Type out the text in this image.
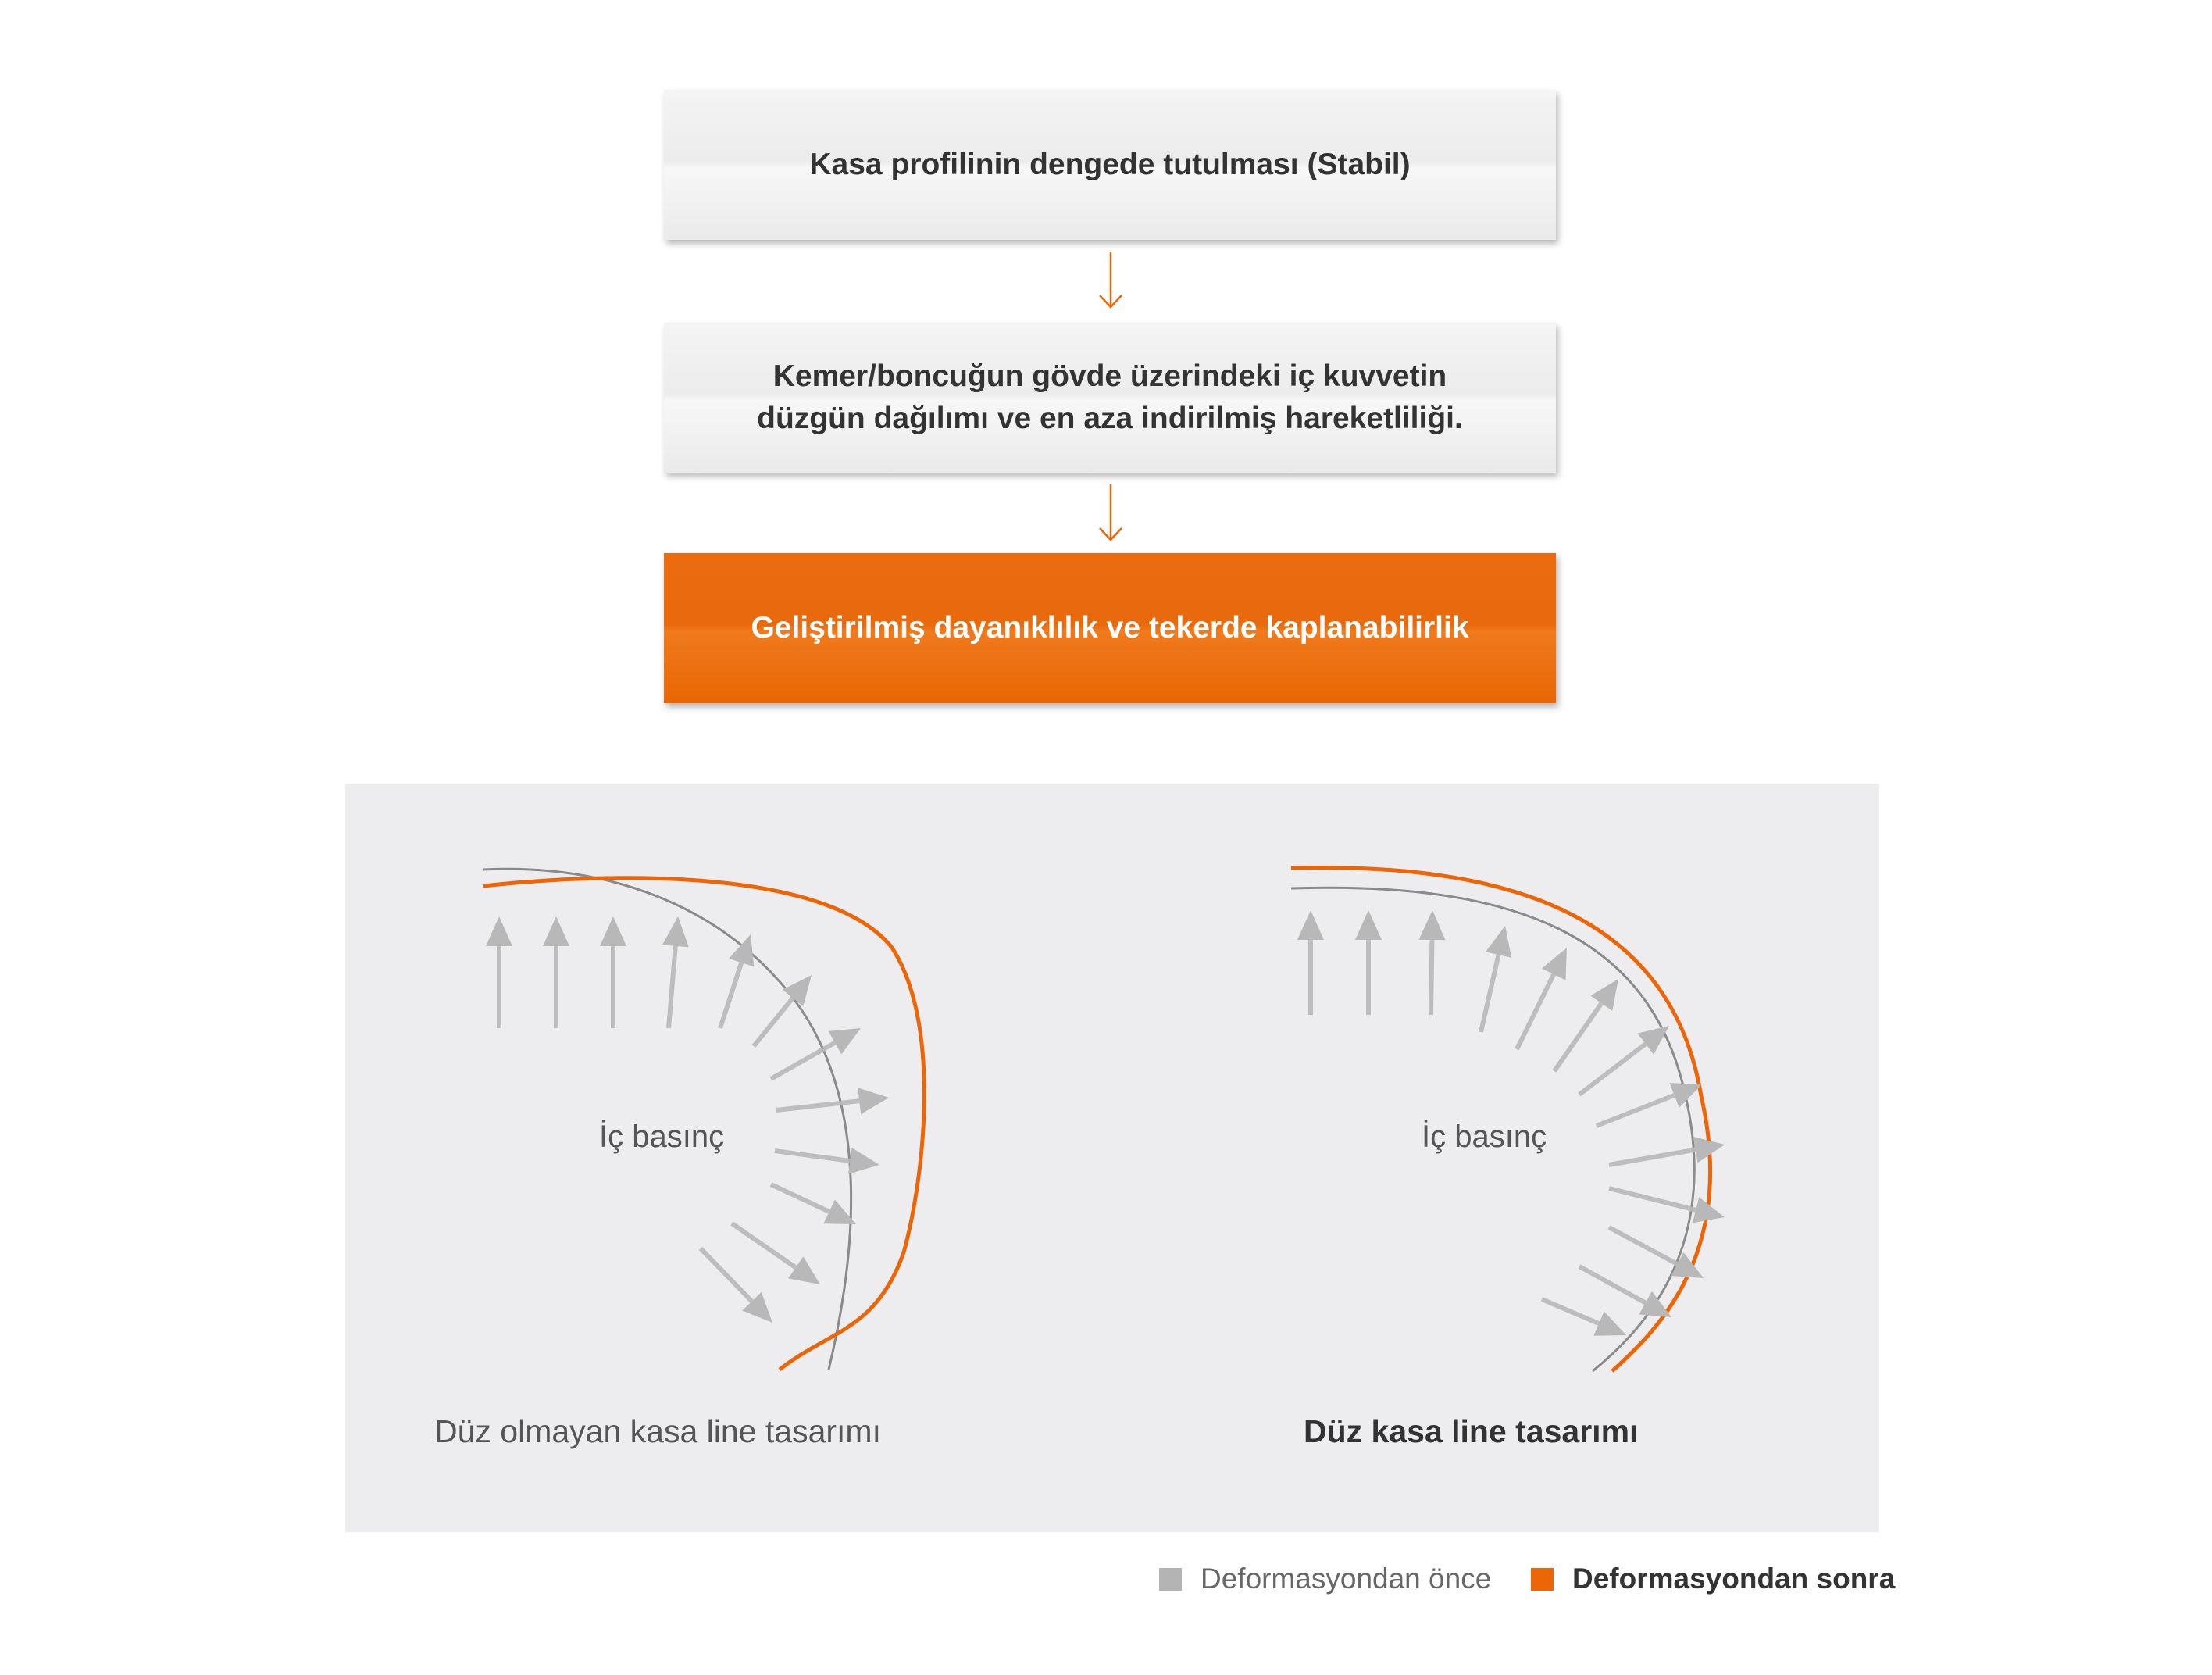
Kasa profilinin dengede tutulması (Stabil)
Kemer/boncuğun gövde üzerindeki iç kuvvetin
düzgün dağılımı ve en aza indirilmiş hareketliliği.
Geliştirilmiş dayanıklılık ve tekerde kaplanabilirlik
İç basınç	İç basınç
Düz olmayan kasa line tasarımı	Düz kasa line tasarımı
Deformasyondan önce	Deformasyondan sonra
